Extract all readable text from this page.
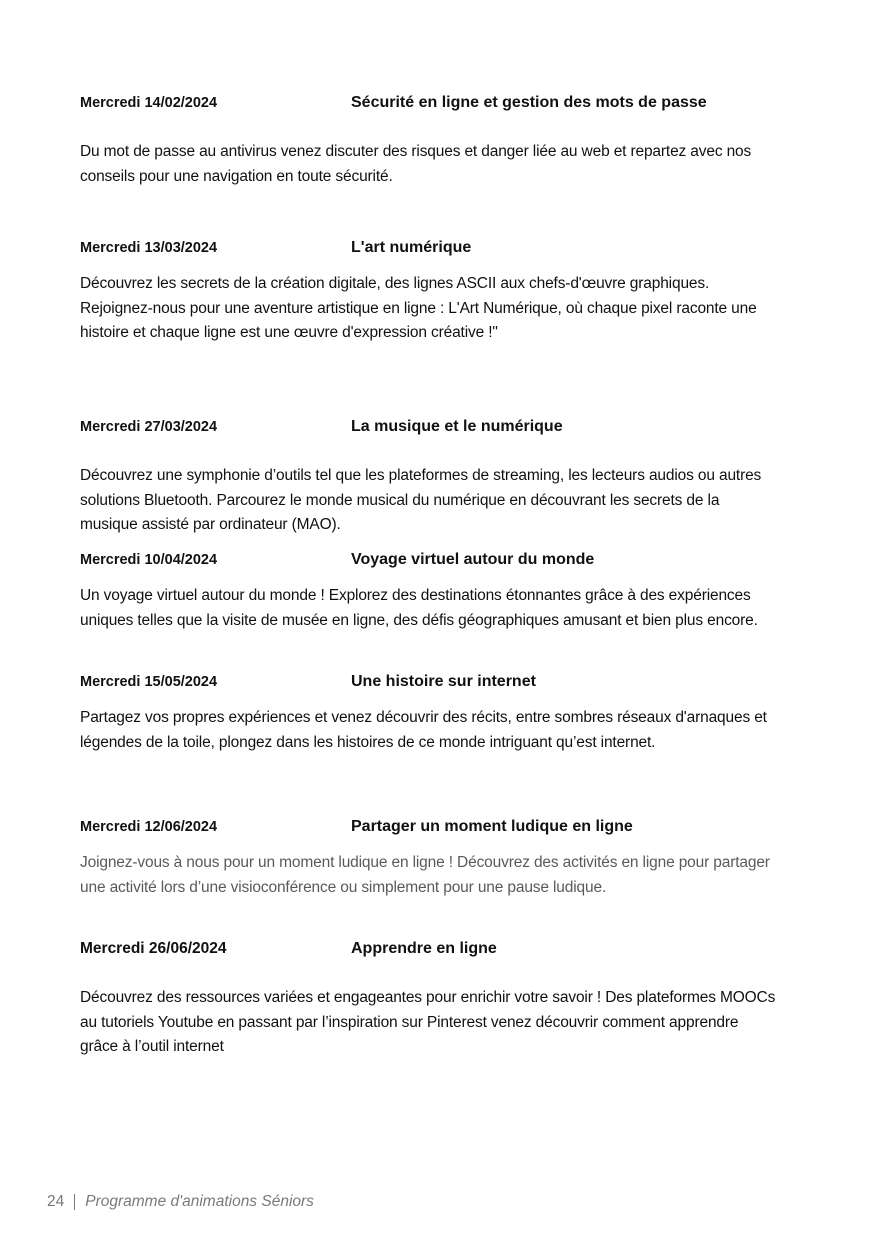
Mercredi 14/02/2024	Sécurité en ligne et gestion des mots de passe

Du mot de passe au antivirus venez discuter des risques et danger liée au web et repartez avec nos conseils pour une navigation en toute sécurité.

Mercredi 13/03/2024	L'art numérique

Découvrez les secrets de la création digitale, des lignes ASCII aux chefs-d'œuvre graphiques. Rejoignez-nous pour une aventure artistique en ligne : L'Art Numérique, où chaque pixel raconte une histoire et chaque ligne est une œuvre d'expression créative !"

Mercredi 27/03/2024	La musique et le numérique

Découvrez une symphonie d’outils tel que les plateformes de streaming, les lecteurs audios ou autres solutions Bluetooth. Parcourez le monde musical du numérique en découvrant les secrets de la musique assisté par ordinateur (MAO).

Mercredi 10/04/2024	Voyage virtuel autour du monde

Un voyage virtuel autour du monde ! Explorez des destinations étonnantes grâce à des expériences uniques telles que la visite de musée en ligne, des défis géographiques amusant et bien plus encore.

Mercredi 15/05/2024	Une histoire sur internet

Partagez vos propres expériences et venez découvrir des récits, entre sombres réseaux d'arnaques et légendes de la toile, plongez dans les histoires de ce monde intriguant qu’est internet.

Mercredi 12/06/2024	Partager un moment ludique en ligne

Joignez-vous à nous pour un moment ludique en ligne ! Découvrez des activités en ligne pour partager une activité lors d’une visioconférence ou simplement pour une pause ludique.

Mercredi 26/06/2024	Apprendre en ligne

Découvrez des ressources variées et engageantes pour enrichir votre savoir ! Des plateformes MOOCs au tutoriels Youtube en passant par l’inspiration sur Pinterest venez découvrir comment apprendre grâce à l’outil internet

24 Programme d'animations Séniors
